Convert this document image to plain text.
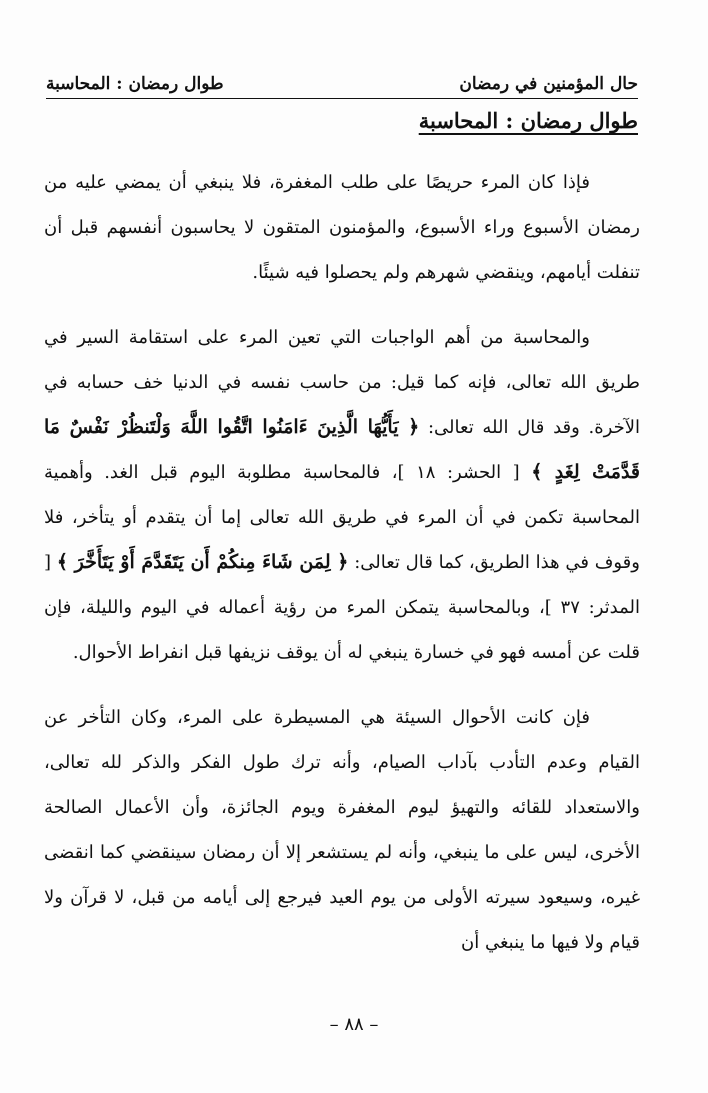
حال المؤمنين في رمضان
طوال رمضان : المحاسبة
طوال رمضان : المحاسبة

فإذا كان المرء حريصًا على طلب المغفرة، فلا ينبغي أن يمضي عليه من رمضان الأسبوع وراء الأسبوع، والمؤمنون المتقون لا يحاسبون أنفسهم قبل أن تنفلت أيامهم، وينقضي شهرهم ولم يحصلوا فيه شيئًا.

والمحاسبة من أهم الواجبات التي تعين المرء على استقامة السير في طريق الله تعالى، فإنه كما قيل: من حاسب نفسه في الدنيا خف حسابه في الآخرة. وقد قال الله تعالى: ﴿ يَأَيُّهَا الَّذِينَ ءَامَنُوا اتَّقُوا اللَّهَ وَلْتَنظُرْ نَفْسٌ مَا قَدَّمَتْ لِغَدٍ ﴾ [ الحشر: ١٨ ]، فالمحاسبة مطلوبة اليوم قبل الغد. وأهمية المحاسبة تكمن في أن المرء في طريق الله تعالى إما أن يتقدم أو يتأخر، فلا وقوف في هذا الطريق، كما قال تعالى: ﴿ لِمَن شَاءَ مِنكُمْ أَن يَتَقَدَّمَ أَوْ يَتَأَخَّرَ ﴾ [ المدثر: ٣٧ ]، وبالمحاسبة يتمكن المرء من رؤية أعماله في اليوم والليلة، فإن قلت عن أمسه فهو في خسارة ينبغي له أن يوقف نزيفها قبل انفراط الأحوال.

فإن كانت الأحوال السيئة هي المسيطرة على المرء، وكان التأخر عن القيام وعدم التأدب بآداب الصيام، وأنه ترك طول الفكر والذكر لله تعالى، والاستعداد للقائه والتهيؤ ليوم المغفرة ويوم الجائزة، وأن الأعمال الصالحة الأخرى، ليس على ما ينبغي، وأنه لم يستشعر إلا أن رمضان سينقضي كما انقضى غيره، وسيعود سيرته الأولى من يوم العيد فيرجع إلى أيامه من قبل، لا قرآن ولا قيام ولا فيها ما ينبغي أن

– ٨٨ –
